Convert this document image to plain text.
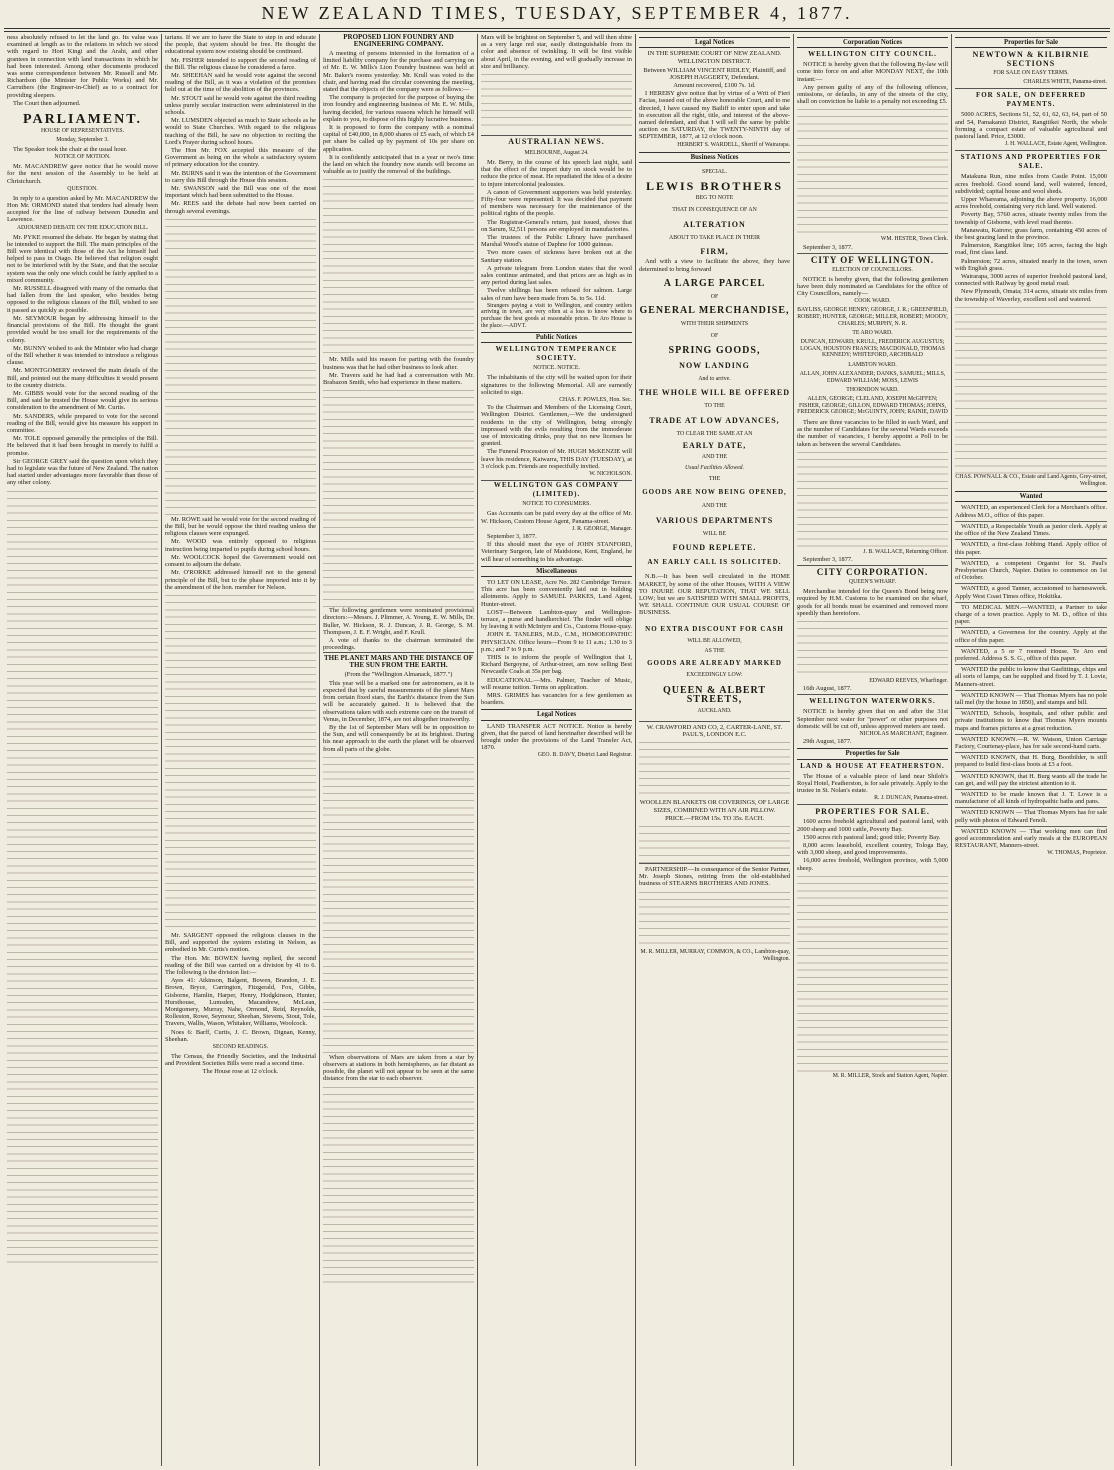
NEW ZEALAND TIMES, TUESDAY, SEPTEMBER 4, 1877.

ness absolutely refused to let the land go. Its value was examined at length as to the relations in which we stood with regard to Hori Kingi and the Arahi, and other grantees in connection with land transactions in which he had been interested. Among other documents produced was some correspondence between Mr. Russell and Mr. Richardson (the Minister for Public Works) and Mr. Carruthers (the Engineer-in-Chief) as to a contract for providing sleepers.

The Court then adjourned.

PARLIAMENT.
HOUSE OF REPRESENTATIVES.
Monday, September 3.

The Speaker took the chair at the usual hour.

NOTICE OF MOTION.

Mr. MACANDREW gave notice that he would move for the next session of the Assembly to be held at Christchurch.

QUESTION.

In reply to a question asked by Mr. MACANDREW the Hon Mr. ORMOND stated that tenders had already been accepted for the line of railway between Dunedin and Lawrence.

ADJOURNED DEBATE ON THE EDUCATION BILL.

Mr. PYKE resumed the debate. He began by stating that he intended to support the Bill. The main principles of the Bill were identical with those of the Act he himself had helped to pass in Otago. He believed that religion ought not to be interfered with by the State, and that the secular system was the only one which could be fairly applied to a mixed community.

Mr. RUSSELL disagreed with many of the remarks that had fallen from the last speaker, who besides being opposed to the religious clauses of the Bill, wished to see it passed as quickly as possible.

Mr. SEYMOUR began by addressing himself to the financial provisions of the Bill. He thought the grant provided would be too small for the requirements of the colony.

Mr. BUNNY wished to ask the Minister who had charge of the Bill whether it was intended to introduce a religious clause.

Mr. MONTGOMERY reviewed the main details of the Bill, and pointed out the many difficulties it would present to the country districts.

Mr. GIBBS would vote for the second reading of the Bill, and said he trusted the House would give its serious consideration to the amendment of Mr. Curtis.

Mr. SANDERS, while prepared to vote for the second reading of the Bill, would give his measure his support in committee.

Mr. TOLE opposed generally the principles of the Bill. He believed that it had been brought in merely to fulfil a promise.

Sir GEORGE GREY said the question upon which they had to legislate was the future of New Zealand. The nation had started under advantages more favorable than those of any other colony.

tarians. If we are to have the State to step in and educate the people, that system should be free. He thought the educational system now existing should be continued.

Mr. FISHER intended to support the second reading of the Bill. The religious clause he considered a farce.

Mr. SHEEHAN said he would vote against the second reading of the Bill, as it was a violation of the promises held out at the time of the abolition of the provinces.

Mr. STOUT said he would vote against the third reading unless purely secular instruction were administered in the schools.

Mr. LUMSDEN objected as much to State schools as he would to State Churches. With regard to the religious teaching of the Bill, he saw no objection to reciting the Lord's Prayer during school hours.

The Hon Mr. FOX accepted this measure of the Government as being on the whole a satisfactory system of primary education for the country.

Mr. BURNS said it was the intention of the Government to carry this Bill through the House this session.

Mr. SWANSON said the Bill was one of the most important which had been submitted to the House.

Mr. REES said the debate had now been carried on through several evenings.

Mr. ROWE said he would vote for the second reading of the Bill, but he would oppose the third reading unless the religious clauses were expunged.

Mr. WOOD was entirely opposed to religious instruction being imparted to pupils during school hours.

Mr. WOOLCOCK hoped the Government would not consent to adjourn the debate.

Mr. O'RORKE addressed himself not to the general principle of the Bill, but to the phase imported into it by the amendment of the hon. member for Nelson.

Mr. SARGENT opposed the religious clauses in the Bill, and supported the system existing in Nelson, as embodied in Mr. Curtis's motion.

The Hon. Mr. BOWEN having replied, the second reading of the Bill was carried on a division by 41 to 6. The following is the division list:—

Ayes 41: Atkinson, Balgent, Bowen, Brandon, J. E. Brown, Bryce, Carrington, Fitzgerald, Fox, Gibbs, Gisborne, Hamlin, Harper, Henry, Hodgkinson, Hunter, Hursthouse, Lumsden, Macandrew, McLean, Montgomery, Murray, Nahe, Ormond, Reid, Reynolds, Rolleston, Rowe, Seymour, Sheehan, Stevens, Stout, Tole, Travers, Wallis, Wason, Whitaker, Williams, Woolcock.

Noes 6: Barff, Curtis, J. C. Brown, Dignan, Kenny, Sheehan.

SECOND READINGS.

The Census, the Friendly Societies, and the Industrial and Provident Societies Bills were read a second time.

The House rose at 12 o'clock.

PROPOSED LION FOUNDRY AND ENGINEERING COMPANY.

A meeting of persons interested in the formation of a limited liability company for the purchase and carrying on of Mr. E. W. Mills's Lion Foundry business was held at Mr. Baker's rooms yesterday. Mr. Krull was voted to the chair, and having read the circular convening the meeting, stated that the objects of the company were as follows:—

The company is projected for the purpose of buying the iron foundry and engineering business of Mr. E. W. Mills, having decided, for various reasons which he himself will explain to you, to dispose of this highly lucrative business.

It is proposed to form the company with a nominal capital of £40,000, in 8,000 shares of £5 each, of which £4 per share be called up by payment of 10s per share on application.

It is confidently anticipated that in a year or two's time the land on which the foundry now stands will become so valuable as to justify the removal of the buildings.

Mr. Mills said his reason for parting with the foundry business was that he had other business to look after.

Mr. Travers said he had had a conversation with Mr. Brabazon Smith, who had experience in these matters.

The following gentlemen were nominated provisional directors:—Messrs. J. Plimmer, A. Young, E. W. Mills, Dr. Buller, W. Hickson, R. J. Duncan, J. R. George, S. M. Thompson, J. E. F. Wright, and F. Krull.

A vote of thanks to the chairman terminated the proceedings.

THE PLANET MARS AND THE DISTANCE OF THE SUN FROM THE EARTH.

(From the "Wellington Almanack, 1877.")

This year will be a marked one for astronomers, as it is expected that by careful measurements of the planet Mars from certain fixed stars, the Earth's distance from the Sun will be accurately gained. It is believed that the observations taken with such extreme care on the transit of Venus, in December, 1874, are not altogether trustworthy.

By the 1st of September Mars will be in opposition to the Sun, and will consequently be at its brightest. During his near approach to the earth the planet will be observed from all parts of the globe.

When observations of Mars are taken from a star by observers at stations in both hemispheres, as far distant as possible, the planet will not appear to be seen at the same distance from the star to each observer.

Mars will be brightest on September 5, and will then shine as a very large red star, easily distinguishable from its color and absence of twinkling. It will be first visible about April, in the evening, and will gradually increase in size and brilliancy.

AUSTRALIAN NEWS.
MELBOURNE, August 24.

Mr. Berry, in the course of his speech last night, said that the effect of the import duty on stock would be to reduce the price of meat. He repudiated the idea of a desire to injure intercolonial jealousies.

A canon of Government supporters was held yesterday. Fifty-four were represented. It was decided that payment of members was necessary for the maintenance of the political rights of the people.

The Registrar-General's return, just issued, shows that on Sarum, 92,511 persons are employed in manufactories.

The trustees of the Public Library have purchased Marshal Wood's statue of Daphne for 1000 guineas.

Two more cases of sickness have broken out at the Sanitary station.

A private telegram from London states that the wool sales continue animated, and that prices are as high as in any period during last sales.

Twelve shillings has been refused for salmon. Large sales of rum have been made from 5s. to 5s. 11d.

Strangers paying a visit to Wellington, and country settlers arriving in town, are very often at a loss to know where to purchase the best goods at reasonable prices. Te Aro House is the place.—ADVT.

Public Notices
WELLINGTON TEMPERANCE SOCIETY.
NOTICE. NOTICE.

The inhabitants of the city will be waited upon for their signatures to the following Memorial. All are earnestly solicited to sign.

CHAS. F. POWLES, Hon. Sec.

To the Chairman and Members of the Licensing Court, Wellington District. Gentlemen,—We the undersigned residents in the city of Wellington, being strongly impressed with the evils resulting from the immoderate use of intoxicating drinks, pray that no new licenses be granted.

The Funeral Procession of Mr. HUGH McKENZIE will leave his residence, Kaiwarra, THIS DAY (TUESDAY), at 3 o'clock p.m. Friends are respectfully invited.

W. NICHOLSON.
WELLINGTON GAS COMPANY (LIMITED).
NOTICE TO CONSUMERS.

Gas Accounts can be paid every day at the office of Mr. W. Hickson, Custom House Agent, Panama-street.

J. R. GEORGE, Manager.

September 3, 1877.

If this should meet the eye of JOHN STANFORD, Veterinary Surgeon, late of Maidstone, Kent, England, he will hear of something to his advantage.

Miscellaneous

TO LET ON LEASE, Acre No. 282 Cambridge Terrace. This acre has been conveniently laid out in building allotments. Apply to SAMUEL PARKES, Land Agent, Hunter-street.

LOST—Between Lambton-quay and Wellington-terrace, a purse and handkerchief. The finder will oblige by leaving it with McIntyre and Co., Customs House-quay.

JOHN E. TANLERS, M.D., C.M., HOMOEOPATHIC PHYSICIAN. Office hours—From 9 to 11 a.m.; 1.30 to 3 p.m.; and 7 to 9 p.m.

THIS is to inform the people of Wellington that I, Richard Bergoyne, of Arthur-street, am now selling Best Newcastle Coals at 35s per bag.

EDUCATIONAL.—Mrs. Palmer, Teacher of Music, will resume tuition. Terms on application.

MRS. GRIMES has vacancies for a few gentlemen as boarders.

Legal Notices

LAND TRANSFER ACT NOTICE. Notice is hereby given, that the parcel of land hereinafter described will be brought under the provisions of the Land Transfer Act, 1870.

GEO. B. DAVY, District Land Registrar.
Legal Notices

IN THE SUPREME COURT OF NEW ZEALAND.

WELLINGTON DISTRICT.

Between WILLIAM VINCENT RIDLEY, Plaintiff, and JOSEPH HAGGERTY, Defendant.

Amount recovered, £100 7s. 1d.

I HEREBY give notice that by virtue of a Writ of Fieri Facias, issued out of the above honorable Court, and to me directed, I have caused my Bailiff to enter upon and take in execution all the right, title, and interest of the above-named defendant, and that I will sell the same by public auction on SATURDAY, the TWENTY-NINTH day of SEPTEMBER, 1877, at 12 o'clock noon.

HERBERT S. WARDELL, Sheriff of Wairarapa.
Business Notices
SPECIAL.
LEWIS BROTHERS
BEG TO NOTE
THAT IN CONSEQUENCE OF AN
ALTERATION
ABOUT TO TAKE PLACE IN THEIR
FIRM,

And with a view to facilitate the above, they have determined to bring forward

A LARGE PARCEL
OF
GENERAL MERCHANDISE,
WITH THEIR SHIPMENTS
OF
SPRING GOODS,
NOW LANDING
And to arrive.
THE WHOLE WILL BE OFFERED
TO THE
TRADE AT LOW ADVANCES,
TO CLEAR THE SAME AT AN
EARLY DATE,
AND THE
Usual Facilities Allowed.
THE
GOODS ARE NOW BEING OPENED,
AND THE
VARIOUS DEPARTMENTS
WILL BE
FOUND REPLETE.
AN EARLY CALL IS SOLICITED.

N.B.—It has been well circulated in the HOME MARKET, by some of the other Houses, WITH A VIEW TO INJURE OUR REPUTATION, THAT WE SELL LOW; but we are SATISFIED WITH SMALL PROFITS, WE SHALL CONTINUE OUR USUAL COURSE OF BUSINESS.

NO EXTRA DISCOUNT FOR CASH
WILL BE ALLOWED,
AS THE
GOODS ARE ALREADY MARKED
EXCEEDINGLY LOW:
QUEEN & ALBERT STREETS,
AUCKLAND.

W. CRAWFORD AND CO, 2, CARTER-LANE, ST. PAUL'S, LONDON E.C.

WOOLLEN BLANKETS OR COVERINGS, OF LARGE SIZES, COMBINED WITH AN AIR PILLOW.

PRICE.—FROM 15s. TO 35s. EACH.

PARTNERSHIP.—In consequence of the Senior Partner, Mr. Joseph Stones, retiring from the old-established business of STEARNS BROTHERS AND JONES.

M. R. MILLER, MURRAY, COMMON, & CO., Lambton-quay, Wellington.
Corporation Notices
WELLINGTON CITY COUNCIL.

NOTICE is hereby given that the following By-law will come into force on and after MONDAY NEXT, the 10th instant:—

Any person guilty of any of the following offences, omissions, or defaults, in any of the streets of the city, shall on conviction be liable to a penalty not exceeding £5.

WM. HESTER, Town Clerk.

September 3, 1877.

CITY OF WELLINGTON.
ELECTION OF COUNCILLORS.

NOTICE is hereby given, that the following gentlemen have been duly nominated as Candidates for the office of City Councillors, namely—

COOK WARD.
BAYLISS, GEORGE HENRY; GEORGE, J. R.; GREENFIELD, ROBERT; HUNTER, GEORGE; MILLER, ROBERT; MOODY, CHARLES; MURPHY, N. R.
TE ARO WARD.
DUNCAN, EDWARD; KRULL, FREDERICK AUGUSTUS; LOGAN, HOUSTON FRANCIS; MACDONALD, THOMAS KENNEDY; WHITEFORD, ARCHIBALD
LAMBTON WARD.
ALLAN, JOHN ALEXANDER; DANKS, SAMUEL; MILLS, EDWARD WILLIAM; MOSS, LEWIS
THORNDON WARD.
ALLEN, GEORGE; CLELAND, JOSEPH McGIFFEN; FISHER, GEORGE; GILLON, EDWARD THOMAS; JOHNS, FREDERICK GEORGE; McGUINTY, JOHN; RAINIE, DAVID

There are three vacancies to be filled in each Ward, and as the number of Candidates for the several Wards exceeds the number of vacancies, I hereby appoint a Poll to be taken as between the several Candidates.

J. B. WALLACE, Returning Officer.

September 3, 1877.

CITY CORPORATION.
QUEEN'S WHARF.

Merchandise intended for the Queen's Bond being now required by H.M. Customs to be examined on the wharf, goods for all bonds must be examined and removed more speedily than heretofore.

EDWARD REEVES, Wharfinger.

16th August, 1877.

WELLINGTON WATERWORKS.

NOTICE is hereby given that on and after the 31st September next water for "power" or other purposes not domestic will be cut off, unless approved meters are used.

NICHOLAS MARCHANT, Engineer.

29th August, 1877.

Properties for Sale
LAND & HOUSE AT FEATHERSTON.

The House of a valuable piece of land near Shiloh's Royal Hotel, Featherston, is for sale privately. Apply to the trustee in St. Nolan's estate.

R. J. DUNCAN, Panama-street.
PROPERTIES FOR SALE.

1600 acres freehold agricultural and pastoral land, with 2000 sheep and 1000 cattle, Poverty Bay.

1500 acres rich pastoral land; good title; Poverty Bay.

8,000 acres leasehold, excellent country, Tologa Bay, with 3,000 sheep, and good improvements.

16,000 acres freehold, Wellington province, with 5,000 sheep.

M. R. MILLER, Stock and Station Agent, Napier.
Properties for Sale
NEWTOWN & KILBIRNIE SECTIONS
FOR SALE ON EASY TERMS.
CHARLES WHITE, Panama-street.
FOR SALE, ON DEFERRED PAYMENTS.

5000 ACRES, Sections 51, 52, 61, 62, 63, 64, part of 50 and 54, Pamakanui District, Rangitikei North, the whole forming a compact estate of valuable agricultural and pastoral land. Price, £3000.

J. H. WALLACE, Estate Agent, Wellington.
STATIONS AND PROPERTIES FOR SALE.

Matakuna Run, nine miles from Castle Point. 15,000 acres freehold. Good sound land, well watered, fenced, subdivided; capital house and wool sheds.

Upper Whareama, adjoining the above property. 16,000 acres freehold, containing very rich land. Well watered.

Poverty Bay, 5760 acres, situate twenty miles from the township of Gisborne, with level road thereto.

Manawatu, Kairere; grass farm, containing 450 acres of the best grazing land in the province.

Palmerston, Rangitikei line; 105 acres, facing the high road, first class land.

Palmerston; 72 acres, situated nearly in the town, sown with English grass.

Wairarapa, 3000 acres of superior freehold pastoral land, connected with Railway by good metal road.

New Plymouth, Omata; 314 acres, situate six miles from the township of Waverley, excellent soil and watered.

CHAS. POWNALL & CO., Estate and Land Agents, Grey-street, Wellington.
Wanted

WANTED, an experienced Clerk for a Merchant's office. Address M.O., office of this paper.

WANTED, a Respectable Youth as junior clerk. Apply at the office of the New Zealand Times.

WANTED, a first-class Jobbing Hand. Apply office of this paper.

WANTED, a competent Organist for St. Paul's Presbyterian Church, Napier. Duties to commence on 1st of October.

WANTED, a good Tanner, accustomed to harnesswork. Apply West Coast Times office, Hokitika.

TO MEDICAL MEN.—WANTED, a Partner to take charge of a town practice. Apply to M. D., office of this paper.

WANTED, a Governess for the country. Apply at the office of this paper.

WANTED, a 5 or 7 roomed House. Te Aro end preferred. Address S. S. G., office of this paper.

WANTED the public to know that Gasfittings, chips and all sorts of lamps, can be supplied and fixed by T. J. Lovie, Manners-street.

WANTED KNOWN — That Thomas Myers has no pole tall mel (by the house in 1850), and stamps and bill.

WANTED, Schools, hospitals, and other public and private institutions to know that Thomas Myers mounts maps and frames pictures at a great reduction.

WANTED KNOWN.—R. W. Watson, Union Carriage Factory, Courtenay-place, has for sale second-hand carts.

WANTED KNOWN, that H. Burg, Bootbilder, is still prepared to build first-class boots at £3 a foot.

WANTED KNOWN, that H. Burg wants all the trade he can get, and will pay the strictest attention to it.

WANTED to be made known that J. T. Lowe is a manufacturer of all kinds of hydropathic baths and pans.

WANTED KNOWN — That Thomas Myers has for sale pelly with photos of Edward Fenoli.

WANTED KNOWN — That working men can find good accommodation and early meals at the EUROPEAN RESTAURANT, Manners-street.

W. THOMAS, Proprietor.
